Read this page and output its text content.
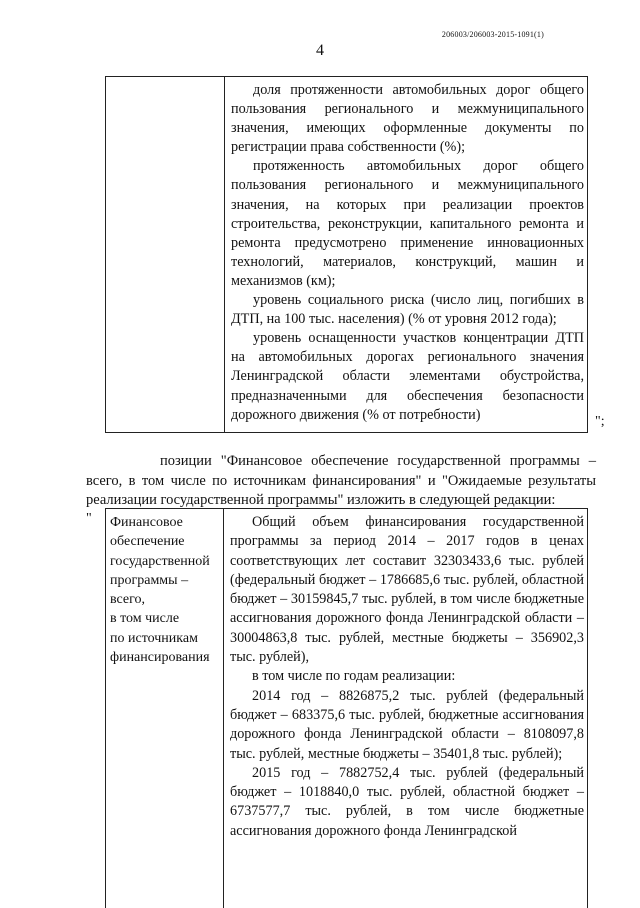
206003/206003-2015-1091(1)
4

доля протяженности автомобильных дорог общего пользования регионального и межмуниципального значения, имеющих оформленные документы по регистрации права собственности (%);

протяженность автомобильных дорог общего пользования регионального и межмуниципального значения, на которых при реализации проектов строительства, реконструкции, капитального ремонта и ремонта предусмотрено применение инновационных технологий, материалов, конструкций, машин и механизмов (км);

уровень социального риска (число лиц, погибших в ДТП, на 100 тыс. населения) (% от уровня 2012 года);

уровень оснащенности участков концентрации ДТП на автомобильных дорогах регионального значения Ленинградской области элементами обустройства, предназначенными для обеспечения безопасности дорожного движения (% от потребности)	";

позиции "Финансовое обеспечение государственной программы – всего, в том числе по источникам финансирования" и "Ожидаемые результаты реализации государственной программы" изложить в следующей редакции:

" Финансовое
обеспечение
государственной
программы –
всего,
в том числе
по источникам
финансирования

Общий объем финансирования государственной программы за период 2014 – 2017 годов в ценах соответствующих лет составит 32303433,6 тыс. рублей (федеральный бюджет – 1786685,6 тыс. рублей, областной бюджет – 30159845,7 тыс. рублей, в том числе бюджетные ассигнования дорожного фонда Ленинградской области – 30004863,8 тыс. рублей, местные бюджеты – 356902,3 тыс. рублей),

в том числе по годам реализации:

2014 год – 8826875,2 тыс. рублей (федеральный бюджет – 683375,6 тыс. рублей, бюджетные ассигнования дорожного фонда Ленинградской области – 8108097,8 тыс. рублей, местные бюджеты – 35401,8 тыс. рублей);

2015 год – 7882752,4 тыс. рублей (федеральный бюджет – 1018840,0 тыс. рублей, областной бюджет – 6737577,7 тыс. рублей, в том числе бюджетные ассигнования дорожного фонда Ленинградской
